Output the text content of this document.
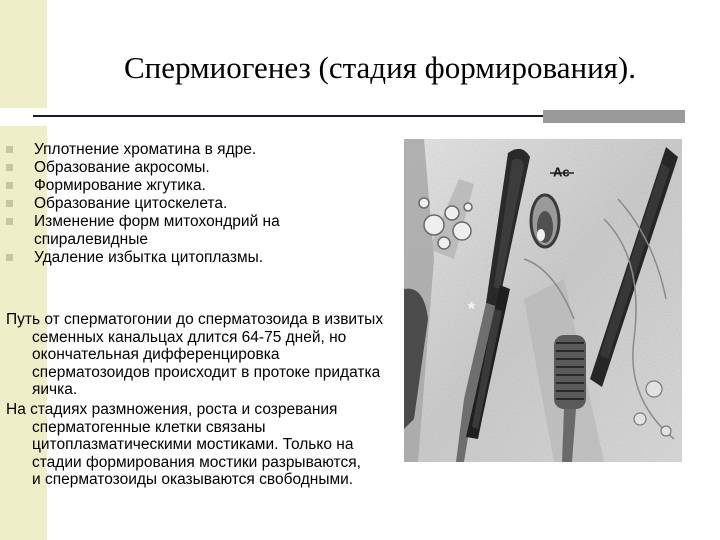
Спермиогенез (стадия формирования).
Уплотнение хроматина в ядре.
Образование акросомы.
Формирование жгутика.
Образование цитоскелета.
Изменение форм митохондрий на спиралевидные
Удаление избытка цитоплазмы.
Путь от сперматогонии до сперматозоида в извитых семенных канальцах длится 64-75 дней, но окончательная дифференцировка сперматозоидов происходит в протоке придатка яичка.
На стадиях размножения, роста и созревания сперматогенные клетки связаны цитоплазматическими мостиками. Только на стадии формирования мостики разрываются, и сперматозоиды оказываются свободными.
Ac
*
